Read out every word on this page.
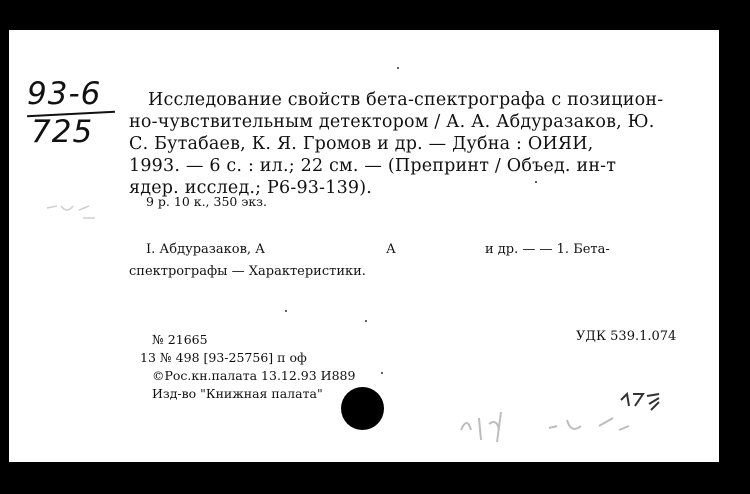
93-6
725
Исследование свойств бета-спектрографа с позицион-
но-чувствительным детектором / А. А. Абдуразаков, Ю.
С. Бутабаев, К. Я. Громов и др. — Дубна : ОИЯИ,
1993. — 6 с. : ил.; 22 см. — (Препринт / Объед. ин-т
ядер. исслед.; Р6-93-139).
9 р. 10 к., 350 экз.
I. Абдуразаков, А	А	и др. — — 1. Бета-
спектрографы — Характеристики.
№ 21665	УДК 539.1.074
13 № 498 [93-25756] п оф
©Рос.кн.палата 13.12.93 И889
Изд-во "Книжная палата"
